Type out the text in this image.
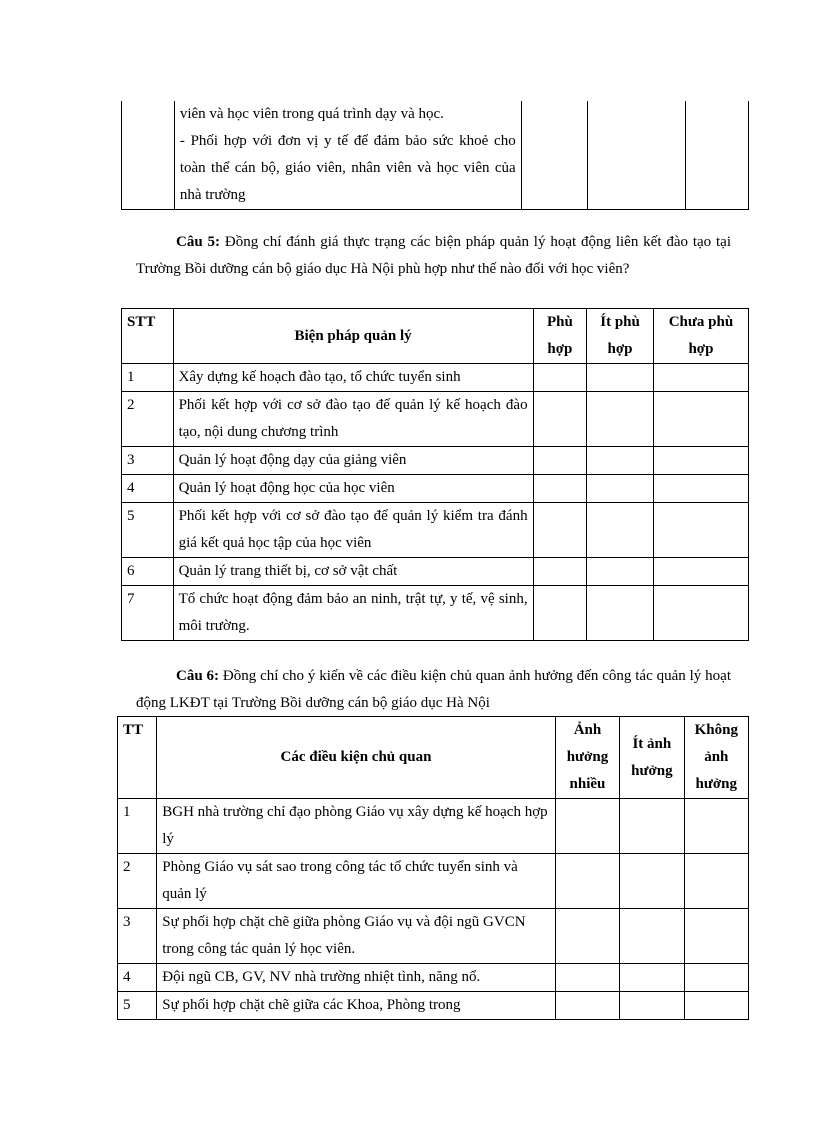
viên và học viên trong quá trình dạy và học.
- Phối hợp với đơn vị y tế để đảm bảo sức khoẻ cho toàn thể cán bộ, giáo viên, nhân viên và học viên của nhà trường

Câu 5: Đồng chí đánh giá thực trạng các biện pháp quản lý hoạt động liên kết đào tạo tại Trường Bồi dưỡng cán bộ giáo dục Hà Nội phù hợp như thế nào đối với học viên?
STT	Biện pháp quản lý	Phù hợp	Ít phù hợp	Chưa phù hợp
1	Xây dựng kế hoạch đào tạo, tổ chức tuyển sinh			
2	Phối kết hợp với cơ sở đào tạo để quản lý kế hoạch đào tạo, nội dung chương trình			
3	Quản lý hoạt động dạy của giảng viên			
4	Quản lý hoạt động học của học viên			
5	Phối kết hợp với cơ sở đào tạo để quản lý kiểm tra đánh giá kết quả học tập của học viên			
6	Quản lý trang thiết bị, cơ sở vật chất			
7	Tổ chức hoạt động đảm bảo an ninh, trật tự, y tế, vệ sinh, môi trường.			
Câu 6: Đồng chí cho ý kiến về các điều kiện chủ quan ảnh hưởng đến công tác quản lý hoạt động LKĐT tại Trường Bồi dưỡng cán bộ giáo dục Hà Nội
TT	Các điều kiện chủ quan	Ảnh hưởng nhiều	Ít ảnh hưởng	Không ảnh hưởng
1	BGH nhà trường chỉ đạo phòng Giáo vụ xây dựng kế hoạch hợp lý			
2	Phòng Giáo vụ sát sao trong công tác tổ chức tuyển sinh và quản lý			
3	Sự phối hợp chặt chẽ giữa phòng Giáo vụ và đội ngũ GVCN trong công tác quản lý học viên.			
4	Đội ngũ CB, GV, NV nhà trường nhiệt tình, năng nổ.			
5	Sự phối hợp chặt chẽ giữa các Khoa, Phòng trong			
